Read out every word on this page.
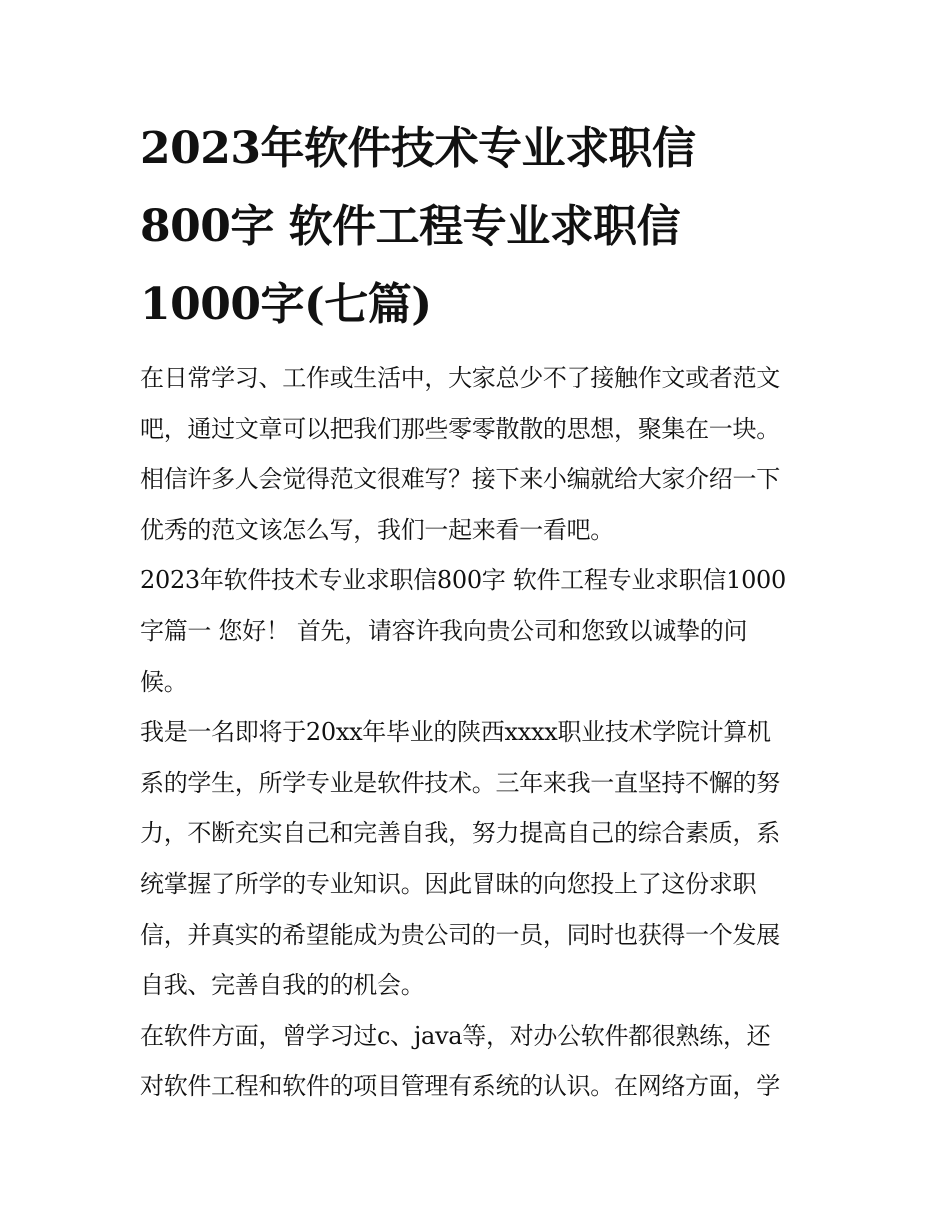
2023年软件技术专业求职信
800字 软件工程专业求职信
1000字(七篇)
在日常学习、工作或生活中，大家总少不了接触作文或者范文
吧，通过文章可以把我们那些零零散散的思想，聚集在一块。
相信许多人会觉得范文很难写？接下来小编就给大家介绍一下
优秀的范文该怎么写，我们一起来看一看吧。
2023年软件技术专业求职信800字 软件工程专业求职信1000
字篇一 您好！ 首先，请容许我向贵公司和您致以诚挚的问
候。
我是一名即将于20xx年毕业的陕西xxxx职业技术学院计算机
系的学生，所学专业是软件技术。三年来我一直坚持不懈的努
力，不断充实自己和完善自我，努力提高自己的综合素质，系
统掌握了所学的专业知识。因此冒昧的向您投上了这份求职
信，并真实的希望能成为贵公司的一员，同时也获得一个发展
自我、完善自我的的机会。
在软件方面，曾学习过c、java等，对办公软件都很熟练，还
对软件工程和软件的项目管理有系统的认识。在网络方面，学
